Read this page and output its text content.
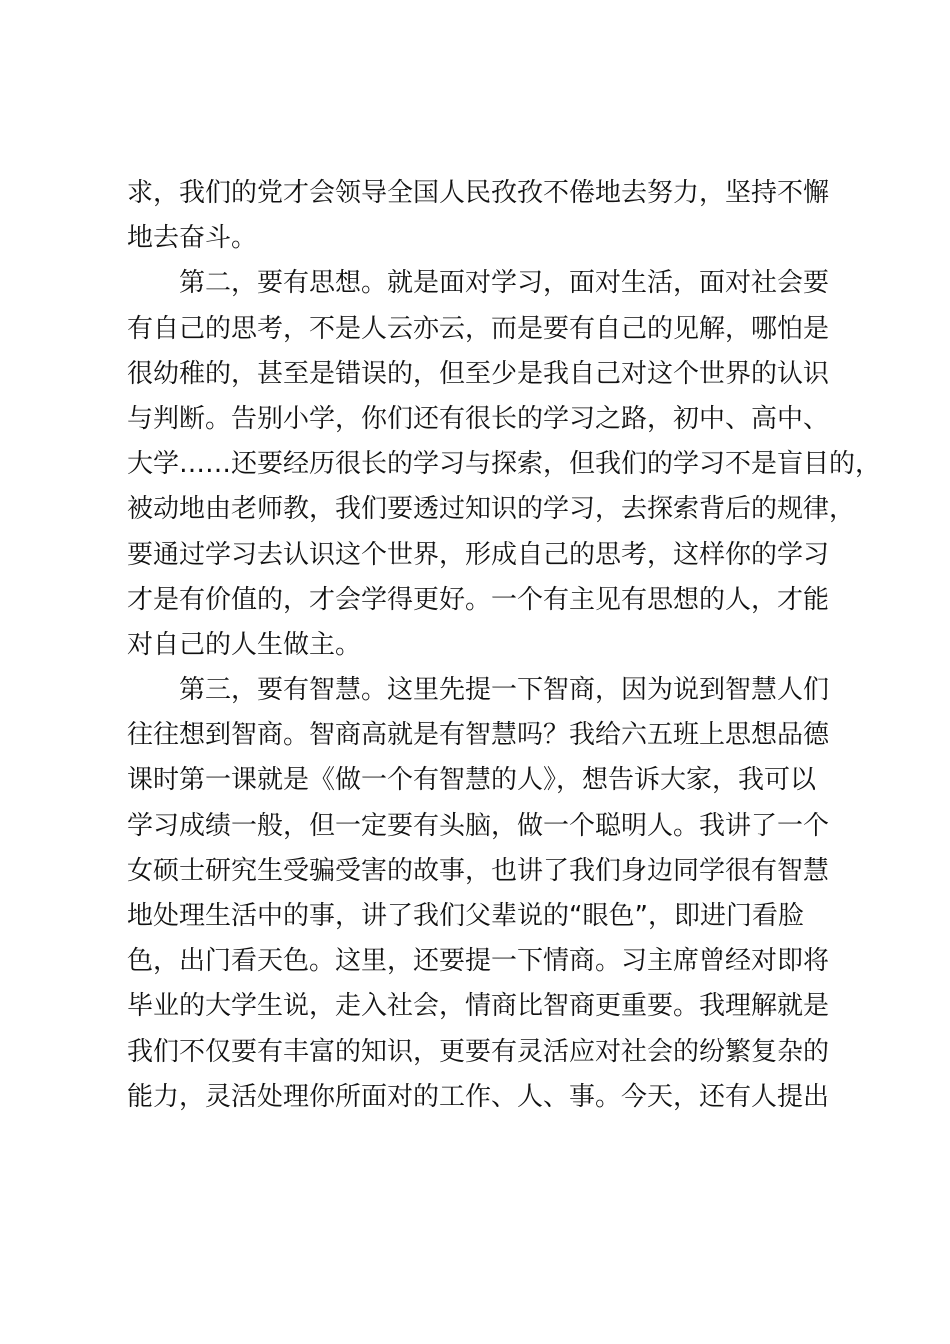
求，我们的党才会领导全国人民孜孜不倦地去努力，坚持不懈
地去奋斗。
第二，要有思想。就是面对学习，面对生活，面对社会要
有自己的思考，不是人云亦云，而是要有自己的见解，哪怕是
很幼稚的，甚至是错误的，但至少是我自己对这个世界的认识
与判断。告别小学，你们还有很长的学习之路，初中、高中、
大学……还要经历很长的学习与探索，但我们的学习不是盲目的，
被动地由老师教，我们要透过知识的学习，去探索背后的规律，
要通过学习去认识这个世界，形成自己的思考，这样你的学习
才是有价值的，才会学得更好。一个有主见有思想的人，才能
对自己的人生做主。
第三，要有智慧。这里先提一下智商，因为说到智慧人们
往往想到智商。智商高就是有智慧吗？我给六五班上思想品德
课时第一课就是《做一个有智慧的人》，想告诉大家，我可以
学习成绩一般，但一定要有头脑，做一个聪明人。我讲了一个
女硕士研究生受骗受害的故事，也讲了我们身边同学很有智慧
地处理生活中的事，讲了我们父辈说的“眼色”，即进门看脸
色，出门看天色。这里，还要提一下情商。习主席曾经对即将
毕业的大学生说，走入社会，情商比智商更重要。我理解就是
我们不仅要有丰富的知识，更要有灵活应对社会的纷繁复杂的
能力，灵活处理你所面对的工作、人、事。今天，还有人提出
